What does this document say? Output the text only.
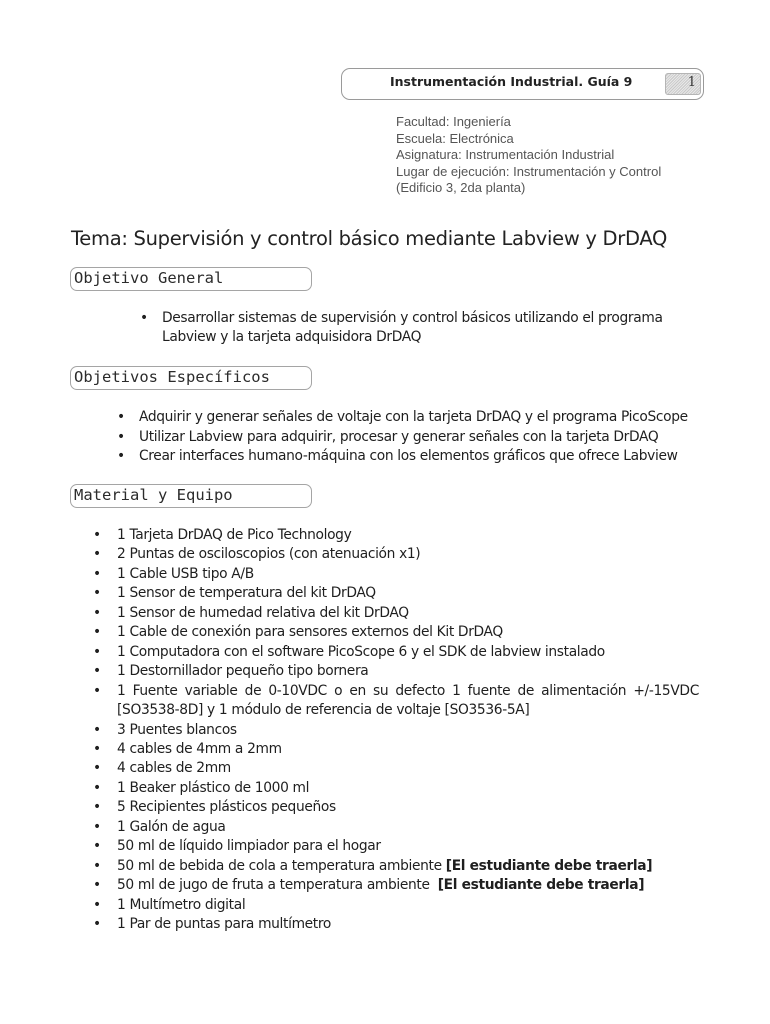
Instrumentación Industrial. Guía 9	1
Facultad: Ingeniería
Escuela: Electrónica
Asignatura: Instrumentación Industrial
Lugar de ejecución: Instrumentación y Control
(Edificio 3, 2da planta)
Tema: Supervisión y control básico mediante Labview y DrDAQ
Objetivo General
• Desarrollar sistemas de supervisión y control básicos utilizando el programa
Labview y la tarjeta adquisidora DrDAQ
Objetivos Específicos
• Adquirir y generar señales de voltaje con la tarjeta DrDAQ y el programa PicoScope
• Utilizar Labview para adquirir, procesar y generar señales con la tarjeta DrDAQ
• Crear interfaces humano-máquina con los elementos gráficos que ofrece Labview
Material y Equipo
• 1 Tarjeta DrDAQ de Pico Technology
• 2 Puntas de osciloscopios (con atenuación x1)
• 1 Cable USB tipo A/B
• 1 Sensor de temperatura del kit DrDAQ
• 1 Sensor de humedad relativa del kit DrDAQ
• 1 Cable de conexión para sensores externos del Kit DrDAQ
• 1 Computadora con el software PicoScope 6 y el SDK de labview instalado
• 1 Destornillador pequeño tipo bornera
• 1 Fuente variable de 0-10VDC o en su defecto 1 fuente de alimentación +/-15VDC [SO3538-8D] y 1 módulo de referencia de voltaje [SO3536-5A]
• 3 Puentes blancos
• 4 cables de 4mm a 2mm
• 4 cables de 2mm
• 1 Beaker plástico de 1000 ml
• 5 Recipientes plásticos pequeños
• 1 Galón de agua
• 50 ml de líquido limpiador para el hogar
• 50 ml de bebida de cola a temperatura ambiente [El estudiante debe traerla]
• 50 ml de jugo de fruta a temperatura ambiente [El estudiante debe traerla]
• 1 Multímetro digital
• 1 Par de puntas para multímetro
